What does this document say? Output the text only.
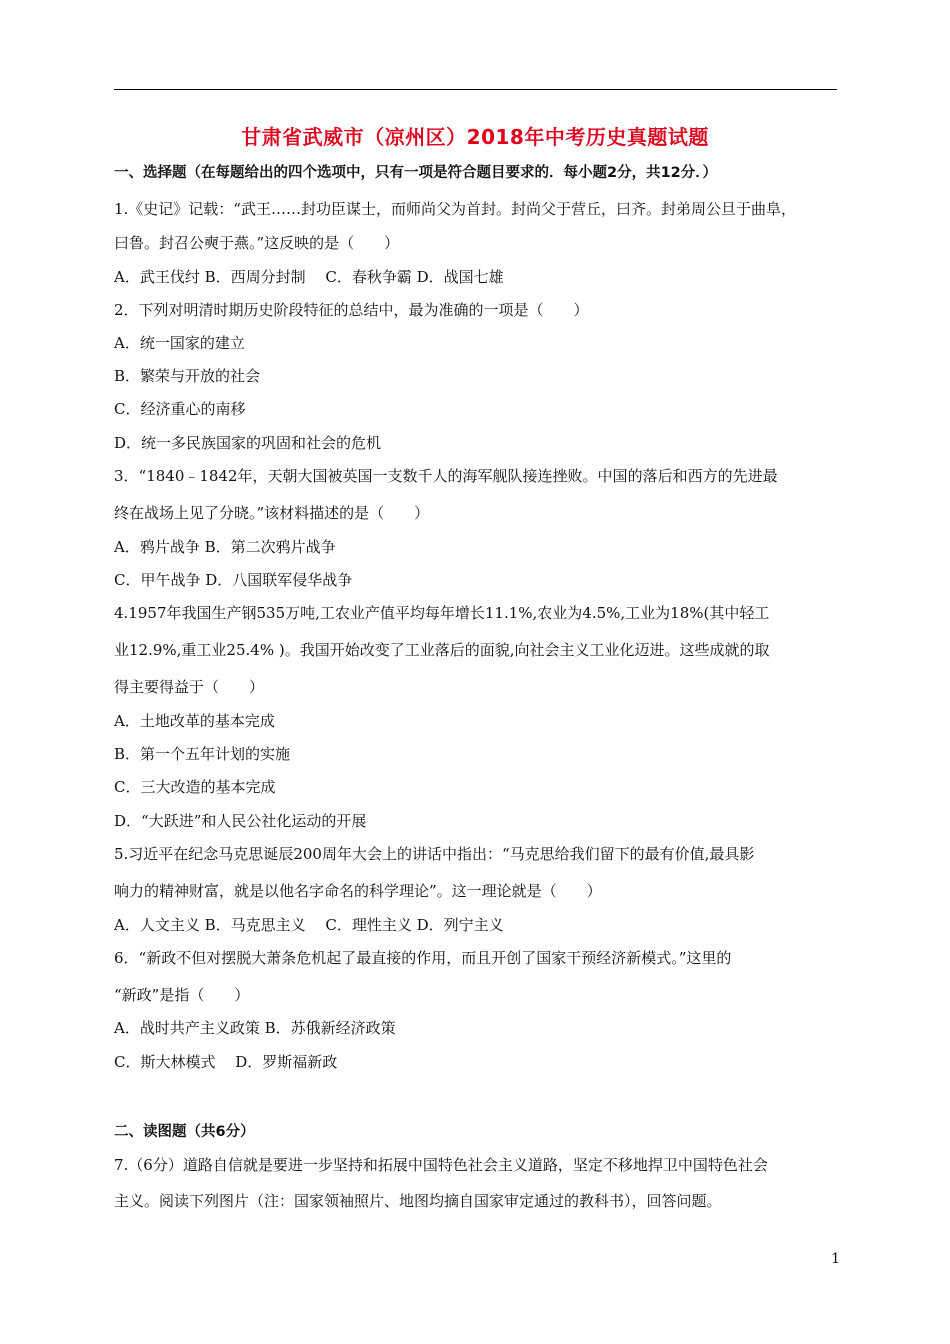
甘肃省武威市（凉州区）2018年中考历史真题试题
一、选择题（在每题给出的四个选项中，只有一项是符合题目要求的．每小题2分，共12分．）
1.《史记》记载：“武王……封功臣谋士，而师尚父为首封。封尚父于营丘，曰齐。封弟周公旦于曲阜，
曰鲁。封召公奭于燕。”这反映的是（　　）
A．武王伐纣 B．西周分封制　 C．春秋争霸 D．战国七雄
2．下列对明清时期历史阶段特征的总结中，最为准确的一项是（　　）
A．统一国家的建立
B．繁荣与开放的社会
C．经济重心的南移
D．统一多民族国家的巩固和社会的危机
3．“1840﹣1842年，天朝大国被英国一支数千人的海军舰队接连挫败。中国的落后和西方的先进最
终在战场上见了分晓。”该材料描述的是（　　）
A．鸦片战争 B．第二次鸦片战争
C．甲午战争 D．八国联军侵华战争
4.1957年我国生产钢535万吨,工农业产值平均每年增长11.1%,农业为4.5%,工业为18%(其中轻工
业12.9%,重工业25.4% )。我国开始改变了工业落后的面貌,向社会主义工业化迈进。这些成就的取
得主要得益于（　　）
A．土地改革的基本完成
B．第一个五年计划的实施
C．三大改造的基本完成
D．“大跃进”和人民公社化运动的开展
5.习近平在纪念马克思诞辰200周年大会上的讲话中指出：“马克思给我们留下的最有价值,最具影
响力的精神财富，就是以他名字命名的科学理论”。这一理论就是（　　）
A．人文主义 B．马克思主义　 C．理性主义 D．列宁主义
6．“新政不但对摆脱大萧条危机起了最直接的作用，而且开创了国家干预经济新模式。”这里的
“新政”是指（　　）
A．战时共产主义政策 B．苏俄新经济政策
C．斯大林模式　 D．罗斯福新政
二、读图题（共6分）
7.（6分）道路自信就是要进一步坚持和拓展中国特色社会主义道路，坚定不移地捍卫中国特色社会
主义。阅读下列图片（注：国家领袖照片、地图均摘自国家审定通过的教科书），回答问题。
1
